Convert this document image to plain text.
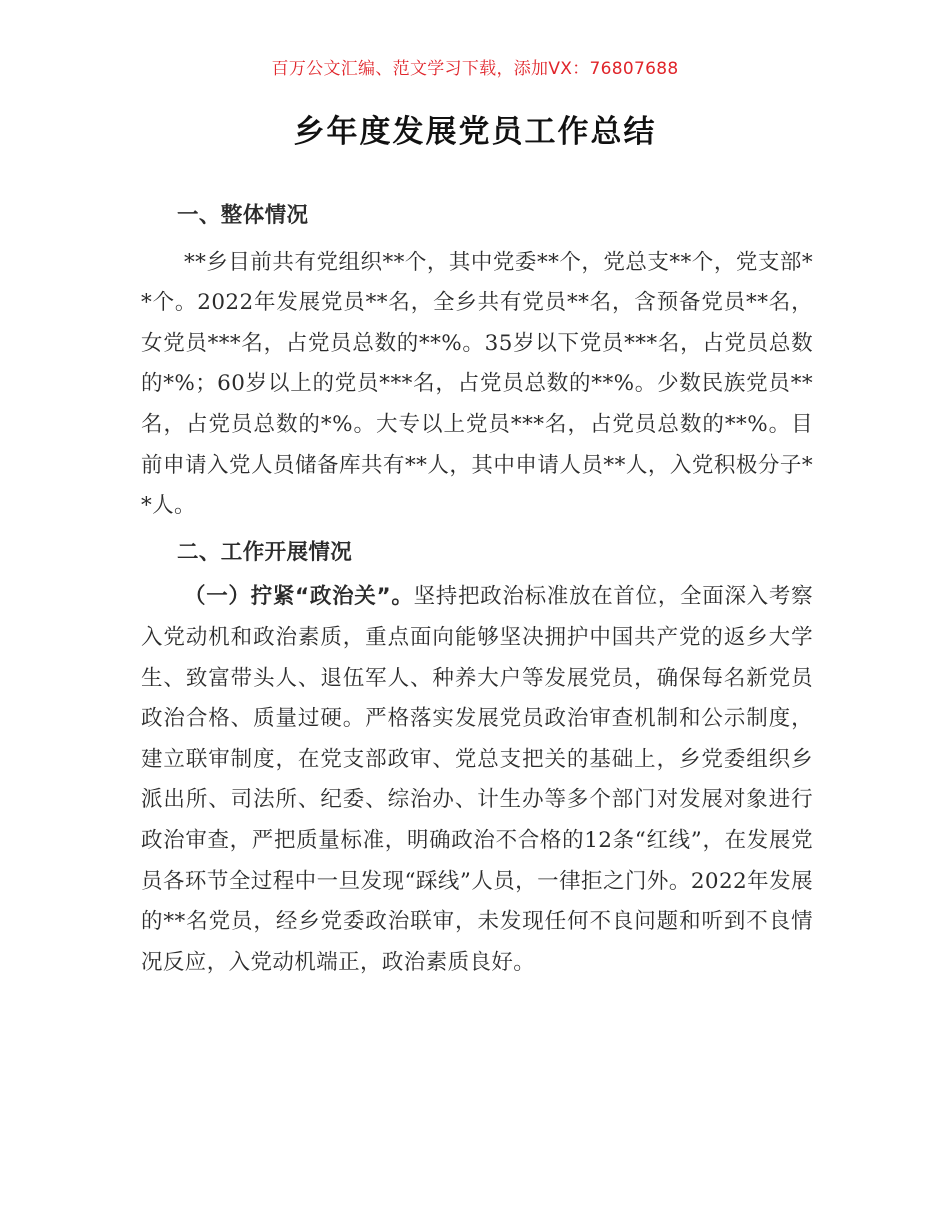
百万公文汇编、范文学习下载，添加VX：76807688
乡年度发展党员工作总结
一、整体情况

**乡目前共有党组织**个，其中党委**个，党总支**个，党支部**个。2022年发展党员**名，全乡共有党员**名，含预备党员**名，女党员***名，占党员总数的**%。35岁以下党员***名，占党员总数的*%；60岁以上的党员***名，占党员总数的**%。少数民族党员**名，占党员总数的*%。大专以上党员***名，占党员总数的**%。目前申请入党人员储备库共有**人，其中申请人员**人，入党积极分子**人。

二、工作开展情况

（一）拧紧“政治关”。坚持把政治标准放在首位，全面深入考察入党动机和政治素质，重点面向能够坚决拥护中国共产党的返乡大学生、致富带头人、退伍军人、种养大户等发展党员，确保每名新党员政治合格、质量过硬。严格落实发展党员政治审查机制和公示制度，建立联审制度，在党支部政审、党总支把关的基础上，乡党委组织乡派出所、司法所、纪委、综治办、计生办等多个部门对发展对象进行政治审查，严把质量标准，明确政治不合格的12条“红线”，在发展党员各环节全过程中一旦发现“踩线”人员，一律拒之门外。2022年发展的**名党员，经乡党委政治联审，未发现任何不良问题和听到不良情况反应，入党动机端正，政治素质良好。
